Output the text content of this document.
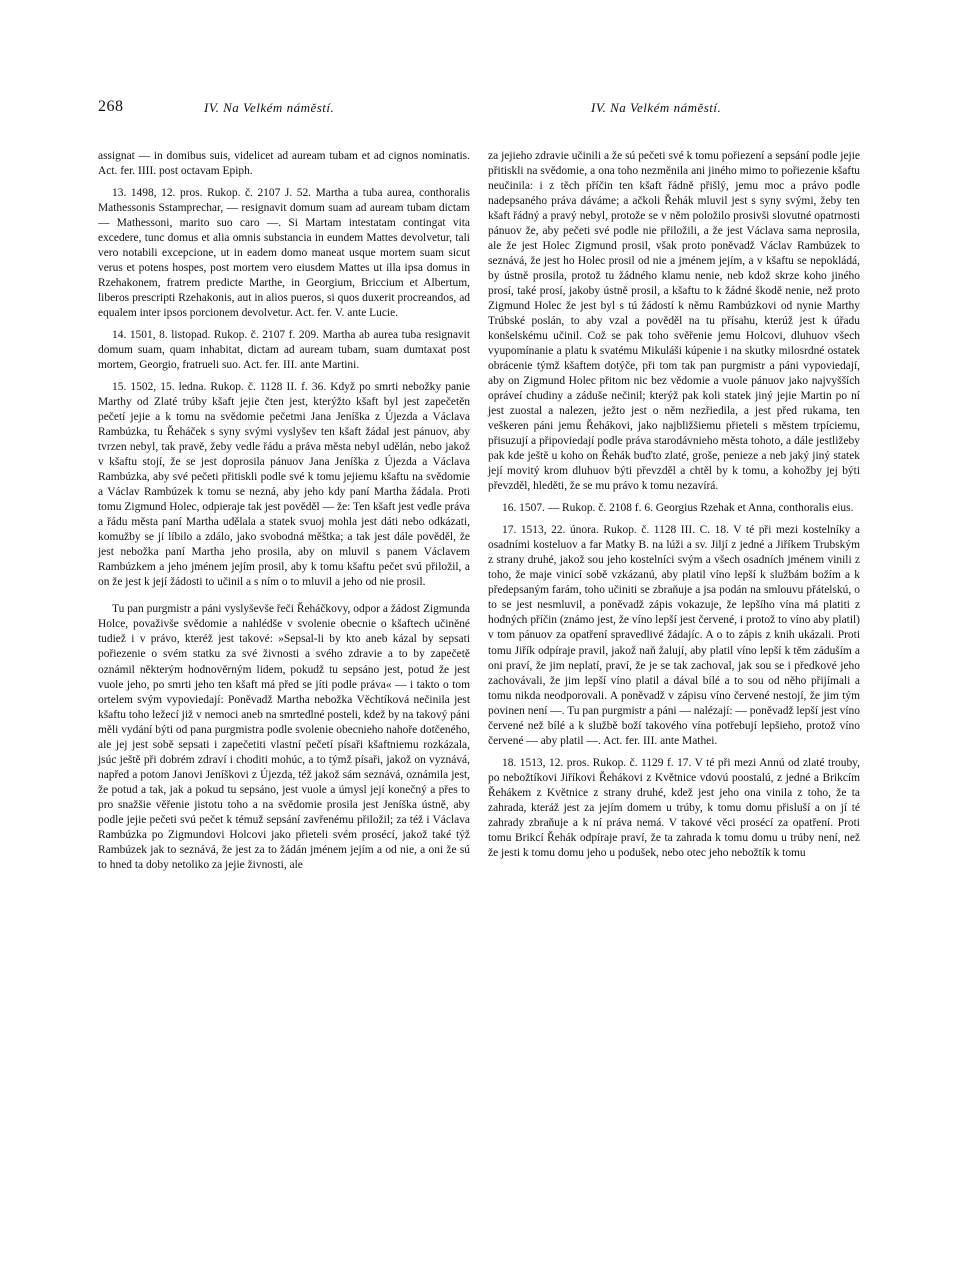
268	IV. Na Velkém náměstí.	IV. Na Velkém náměstí.

assignat — in domibus suis, videlicet ad auream tubam et ad cignos nominatis. Act. fer. IIII. post octavam Epiph.

13. 1498, 12. pros. Rukop. č. 2107 J. 52. Martha a tuba aurea, conthoralis Mathessonis Sstamprechar, — resignavit domum suam ad auream tubam dictam — Mathessoni, marito suo caro —. Si Martam intestatam contingat vita excedere, tunc domus et alia omnis substancia in eundem Mattes devolvetur, tali vero notabili excepcione, ut in eadem domo maneat usque mortem suam sicut verus et potens hospes, post mortem vero eiusdem Mattes ut illa ipsa domus in Rzehakonem, fratrem predicte Marthe, in Georgium, Briccium et Albertum, liberos prescripti Rzehakonis, aut in alios pueros, si quos duxerit procreandos, ad equalem inter ipsos porcionem devolvetur. Act. fer. V. ante Lucie.

14. 1501, 8. listopad. Rukop. č. 2107 f. 209. Martha ab aurea tuba resignavit domum suam, quam inhabitat, dictam ad auream tubam, suam dumtaxat post mortem, Georgio, fratrueli suo. Act. fer. III. ante Martini.

15. 1502, 15. ledna. Rukop. č. 1128 II. f. 36. Když po smrti nebožky panie Marthy od Zlaté trúby kšaft jejie čten jest, kterýžto kšaft byl jest zapečetěn pečetí jejie a k tomu na svědomie pečetmi Jana Jeníška z Újezda a Václava Rambúzka, tu Řeháček s syny svými vyslyšev ten kšaft žádal jest pánuov, aby tvrzen nebyl, tak pravě, žeby vedle řádu a práva města nebyl udělán, nebo jakož v kšaftu stojí, že se jest doprosila pánuov Jana Jeníška z Újezda a Václava Rambúzka, aby své pečeti přitiskli podle své k tomu jejiemu kšaftu na svědomie a Václav Rambúzek k tomu se nezná, aby jeho kdy paní Martha žádala. Proti tomu Zigmund Holec, odpieraje tak jest pověděl — že: Ten kšaft jest vedle práva a řádu města paní Martha udělala a statek svuoj mohla jest dáti nebo odkázati, komužby se jí líbilo a zdálo, jako svobodná měštka; a tak jest dále pověděl, že jest nebožka paní Martha jeho prosila, aby on mluvil s panem Václavem Rambúzkem a jeho jménem jejím prosil, aby k tomu kšaftu pečet svú přiložil, a on že jest k její žádosti to učinil a s ním o to mluvil a jeho od nie prosil.

Tu pan purgmistr a páni vyslyševše řeči Řeháčkovy, odpor a žádost Zigmunda Holce, považivše svědomie a nahlédše v svolenie obecnie o kšaftech učiněné tudiež i v právo, kteréž jest takové: »Sepsal-li by kto aneb kázal by sepsati pořiezenie o svém statku za své živnosti a svého zdravie a to by zapečetě oznámil některým hodnověrným lidem, pokudž tu sepsáno jest, potud že jest vuole jeho, po smrti jeho ten kšaft má před se jíti podle práva« — i takto o tom ortelem svým vypoviedají: Poněvadž Martha nebožka Věchtíková nečinila jest kšaftu toho ležecí již v nemoci aneb na smrtedlné posteli, kdež by na takový páni měli vydání býti od pana purgmistra podle svolenie obecnieho nahoře dotčeného, ale jej jest sobě sepsati i zapečetiti vlastní pečetí písaři kšaftniemu rozkázala, jsúc ještě při dobrém zdraví i choditi mohúc, a to týmž písaři, jakož on vyznává, napřed a potom Janovi Jeníškovi z Újezda, též jakož sám seznává, oznámila jest, že potud a tak, jak a pokud tu sepsáno, jest vuole a úmysl její konečný a přes to pro snažšie věřenie jistotu toho a na svědomie prosila jest Jeníška ústně, aby podle jejie pečeti svú pečet k témuž sepsání zavřenému přiložil; za též i Václava Rambúzka po Zigmundovi Holcovi jako přieteli svém prosécí, jakož také týž Rambúzek jak to seznává, že jest za to žádán jménem jejím a od nie, a oni že sú to hned ta doby netoliko za jejie živnosti, ale

za jejieho zdravie učinili a že sú pečeti své k tomu pořiezení a sepsání podle jejie přitiskli na svědomie, a ona toho nezměnila ani jiného mimo to pořiezenie kšaftu neučinila: i z těch příčin ten kšaft řádně přišlý, jemu moc a právo podle nadepsaného práva dáváme; a ačkoli Řehák mluvil jest s syny svými, žeby ten kšaft řádný a pravý nebyl, protože se v něm položilo prosivši slovutné opatrnosti pánuov že, aby pečeti své podle nie přiložili, a že jest Václava sama neprosila, ale že jest Holec Zigmund prosil, však proto poněvadž Václav Rambúzek to seznává, že jest ho Holec prosil od nie a jménem jejím, a v kšaftu se nepokládá, by ústně prosila, protož tu žádného klamu nenie, neb kdož skrze koho jiného prosí, také prosí, jakoby ústně prosil, a kšaftu to k žádné škodě nenie, než proto Zigmund Holec že jest byl s tú žádostí k němu Rambúzkovi od nynie Marthy Trúbské poslán, to aby vzal a pověděl na tu přísahu, kterúž jest k úřadu konšelskému učinil. Což se pak toho svěřenie jemu Holcovi, dluhuov všech vyupomínanie a platu k svatému Mikuláši kúpenie i na skutky milosrdné ostatek obrácenie týmž kšaftem dotýče, při tom tak pan purgmistr a páni vypoviedají, aby on Zigmund Holec přitom nic bez vědomie a vuole pánuov jako najvyšších opráveí chudiny a záduše nečinil; kterýž pak koli statek jiný jejie Martin po ní jest zuostal a nalezen, ježto jest o něm nezřiedila, a jest před rukama, ten veškeren páni jemu Řehákovi, jako najbližšiemu přieteli s městem trpíciemu, přisuzují a připoviedají podle práva starodávnieho města tohoto, a dále jestližeby pak kde ještě u koho on Řehák buďto zlaté, groše, penieze a neb jaký jiný statek její movitý krom dluhuov býti převzděl a chtěl by k tomu, a kohožby jej býti převzděl, hleděti, že se mu právo k tomu nezavírá.

16. 1507. — Rukop. č. 2108 f. 6. Georgius Rzehak et Anna, conthoralis eius.

17. 1513, 22. února. Rukop. č. 1128 III. C. 18. V té při mezi kostelníky a osadními kosteluov a far Matky B. na lúži a sv. Jiljí z jedné a Jiříkem Trubským z strany druhé, jakož sou jeho kostelníci svým a všech osadních jménem vinili z toho, že maje vinicí sobě vzkázanú, aby platil víno lepší k službám božím a k předepsaným farám, toho učiniti se zbraňuje a jsa podán na smlouvu přátelskú, o to se jest nesmluvil, a poněvadž zápis vokazuje, že lepšího vína má platiti z hodných příčin (známo jest, že víno lepší jest červené, i protož to víno aby platil) v tom pánuov za opatření spravedlivé žádajíc. A o to zápis z knih ukázali. Proti tomu Jiřík odpíraje pravil, jakož naň žalují, aby platil víno lepší k těm záduším a oni praví, že jim neplatí, praví, že je se tak zachoval, jak sou se i předkové jeho zachovávali, že jim lepší víno platil a dával bílé a to sou od něho přijímali a tomu nikda neodporovali. A poněvadž v zápisu víno červené nestojí, že jim tým povinen není —. Tu pan purgmistr a páni — nalézají: — poněvadž lepší jest víno červené než bílé a k službě boží takového vína potřebují lepšieho, protož víno červené — aby platil —. Act. fer. III. ante Mathei.

18. 1513, 12. pros. Rukop. č. 1129 f. 17. V té při mezi Annú od zlaté trouby, po nebožtíkovi Jiříkovi Řehákovi z Květnice vdovú poostalú, z jedné a Brikcím Řehákem z Květnice z strany druhé, kdež jest jeho ona vinila z toho, že ta zahrada, kteráž jest za jejím domem u trúby, k tomu domu přisluší a on jí té zahrady zbraňuje a k ní práva nemá. V takové věci prosécí za opatření. Proti tomu Brikcí Řehák odpíraje praví, že ta zahrada k tomu domu u trúby není, než že jesti k tomu domu jeho u podušek, nebo otec jeho nebožtík k tomu
